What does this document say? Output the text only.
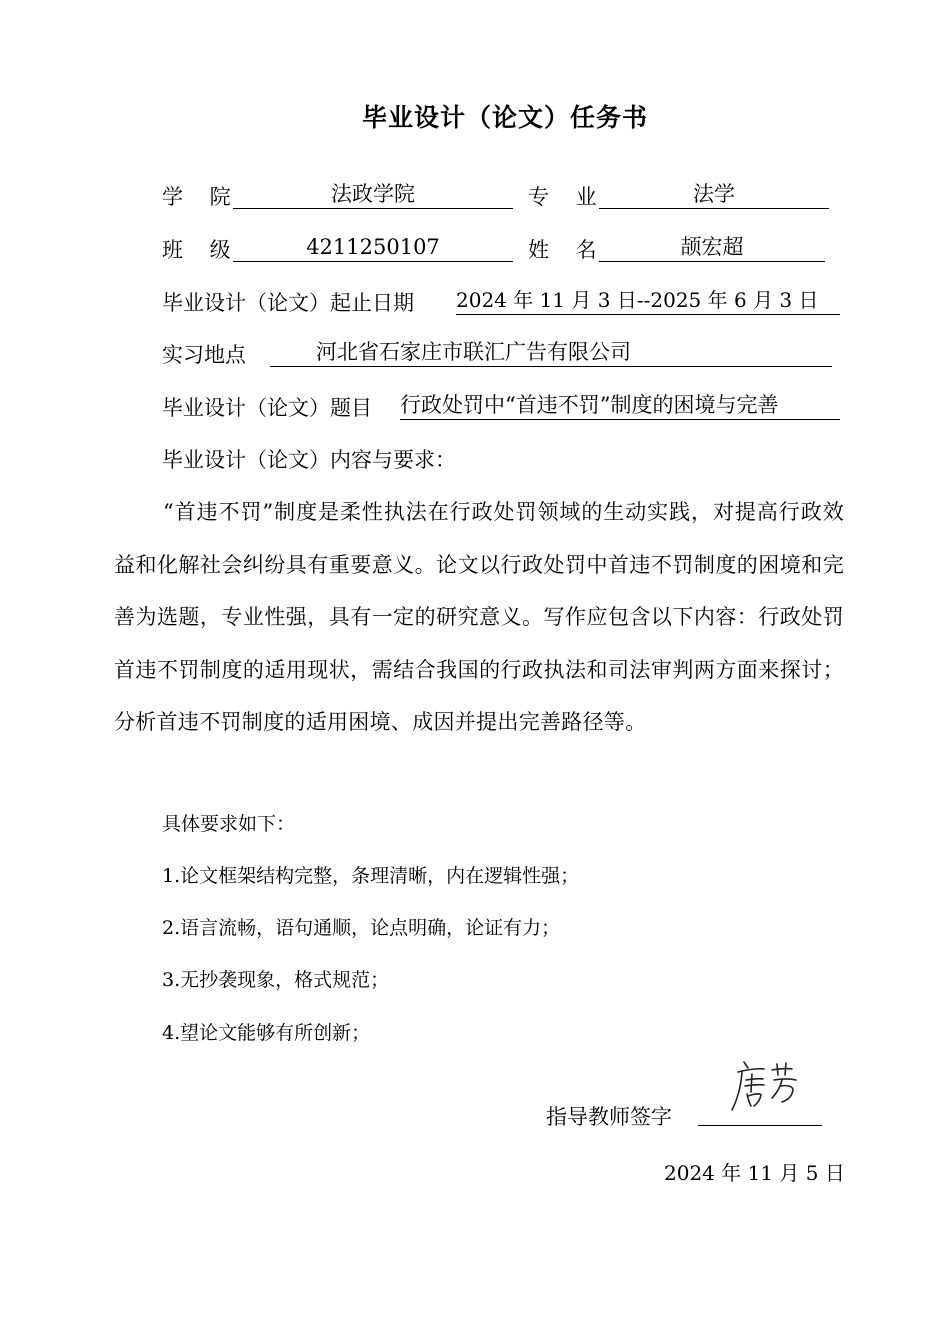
毕业设计（论文）任务书
学 院	法政学院	专 业	法学
班 级	4211250107	姓 名	颉宏超
毕业设计（论文）起止日期 2024 年 11 月 3 日--2025 年 6 月 3 日
实习地点	河北省石家庄市联汇广告有限公司
毕业设计（论文）题目 行政处罚中“首违不罚”制度的困境与完善
毕业设计（论文）内容与要求：
“首违不罚”制度是柔性执法在行政处罚领域的生动实践，对提高行政效益和化解社会纠纷具有重要意义。论文以行政处罚中首违不罚制度的困境和完善为选题，专业性强，具有一定的研究意义。写作应包含以下内容：行政处罚首违不罚制度的适用现状，需结合我国的行政执法和司法审判两方面来探讨；分析首违不罚制度的适用困境、成因并提出完善路径等。
具体要求如下：
1.论文框架结构完整，条理清晰，内在逻辑性强；
2.语言流畅，语句通顺，论点明确，论证有力；
3.无抄袭现象，格式规范；
4.望论文能够有所创新；
指导教师签字
2024 年 11 月 5 日
